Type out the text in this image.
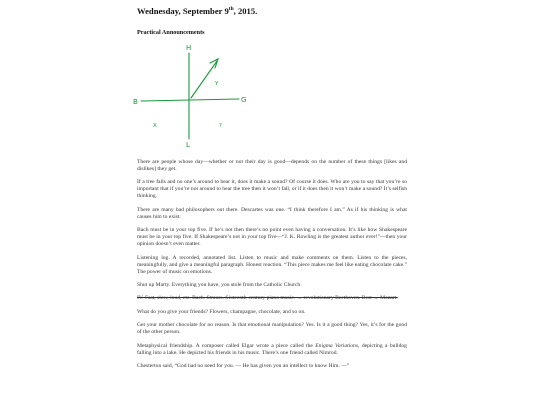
Wednesday, September 9th, 2015.
Practical Announcements
H
L
B	G
Y
X	?

There are people whose day—whether or not their day is good—depends on the number of these things [likes and dislikes] they get.

If a tree falls and no one’s around to hear it, does it make a sound? Of course it does. Who are you to say that you’re so important that if you’re not around to hear the tree then it won’t fall, or if it does then it won’t make a sound? It’s selfish thinking.

There are many bad philosophers out there. Descartes was one. “I think therefore I am.” As if his thinking is what causes him to exist.

Bach must be in your top five. If he’s not then there’s no point even having a conversation. It’s like how Shakespeare must be in your top five. If Shakespeare’s not in your top five—“J. K. Rowling is the greatest author ever!”—then your opinion doesn’t even matter.

Listening log. A recorded, annotated list. Listen to music and make comments on them. Listen to the pieces, meaningfully, and give a meaningful paragraph. Honest reaction. “This piece makes me feel like eating chocolate cake.” The power of music on emotions.

Shut up Marty. Everything you have, you stole from the Catholic Church.

IV. Fast, slow, loud, etc. Bach. Strauss. Sixteenth-century piano music. → revolutionary Beethoven. Best → Mozart.

What do you give your friends? Flowers, champagne, chocolate, and so on.

Get your mother chocolate for no reason. Is that emotional manipulation? Yes. Is it a good thing? Yes, it’s for the good of the other person.

Metaphysical friendship. A composer called Elgar wrote a piece called the Enigma Variations, depicting a bulldog falling into a lake. He depicted his friends in his music. There’s one friend called Nimrod.

Chesterton said, “God had no need for you. — He has given you an intellect to know Him. —”
